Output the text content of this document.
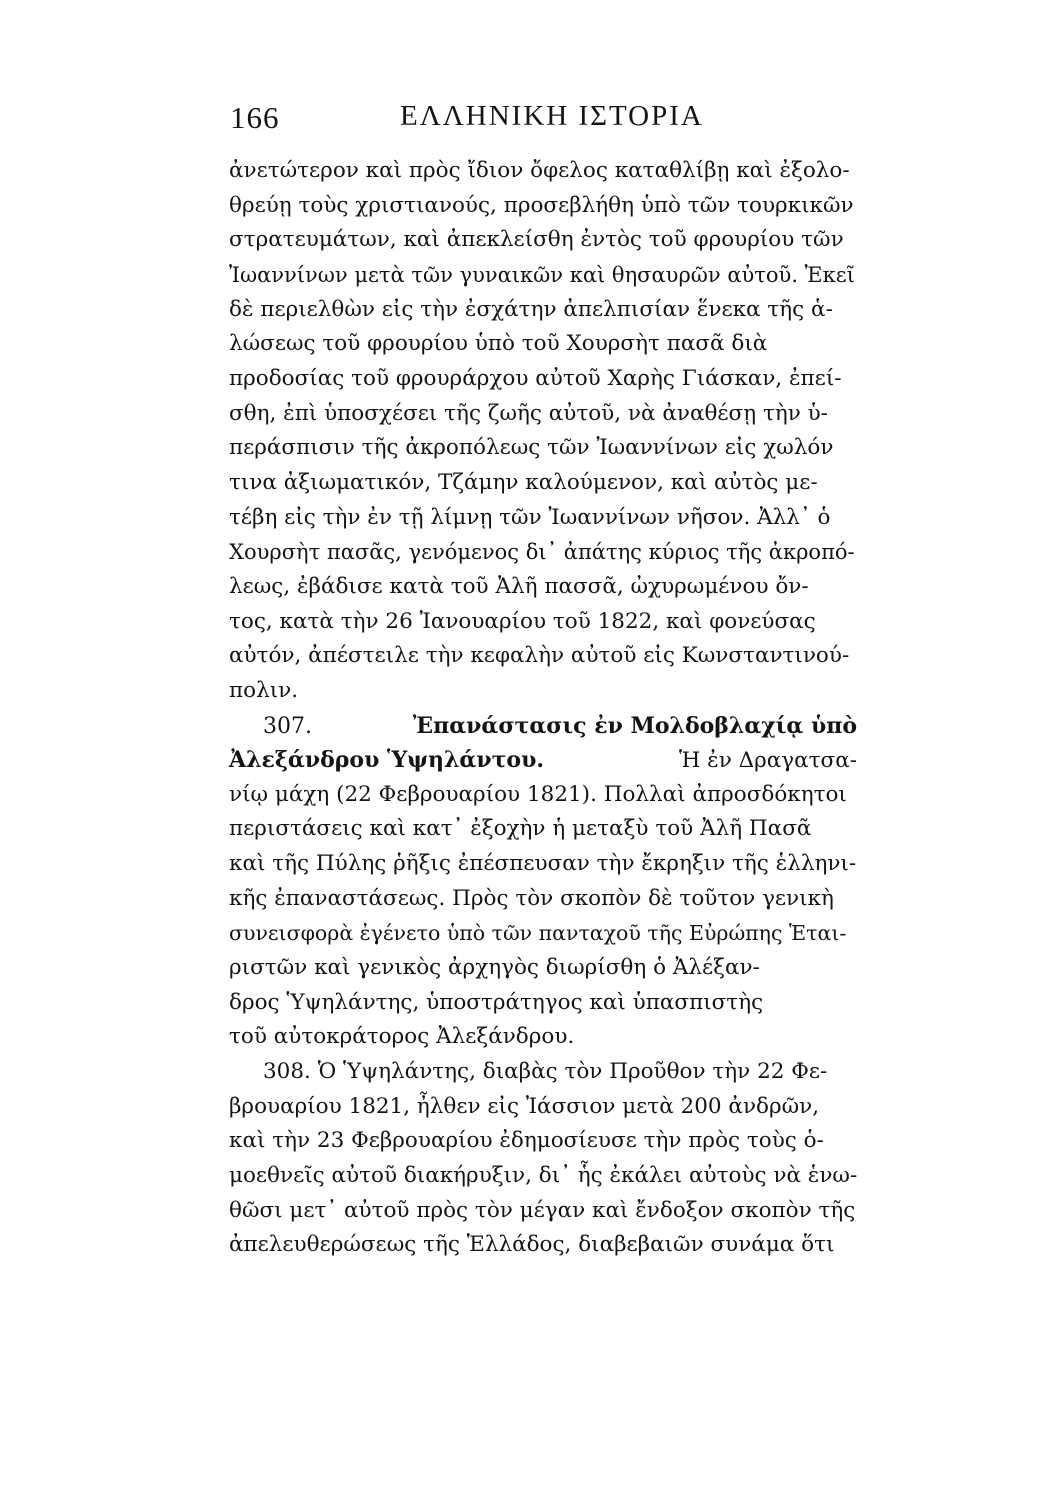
166	ΕΛΛΗΝΙΚΗ ΙΣΤΟΡΙΑ
ἀνετώτερον καὶ πρὸς ἴδιον ὄφελος καταθλίβῃ καὶ ἐξολο-
θρεύῃ τοὺς χριστιανούς, προσεβλήθη ὑπὸ τῶν τουρκικῶν
στρατευμάτων, καὶ ἀπεκλείσθη ἐντὸς τοῦ φρουρίου τῶν
Ἰωαννίνων μετὰ τῶν γυναικῶν καὶ θησαυρῶν αὐτοῦ. Ἐκεῖ
δὲ περιελθὼν εἰς τὴν ἐσχάτην ἀπελπισίαν ἕνεκα τῆς ἁ-
λώσεως τοῦ φρουρίου ὑπὸ τοῦ Χουρσὴτ πασᾶ διὰ
προδοσίας τοῦ φρουράρχου αὐτοῦ Χαρὴς Γιάσκαν, ἐπεί-
σθη, ἐπὶ ὑποσχέσει τῆς ζωῆς αὐτοῦ, νὰ ἀναθέσῃ τὴν ὑ-
περάσπισιν τῆς ἀκροπόλεως τῶν Ἰωαννίνων εἰς χωλόν
τινα ἀξιωματικόν, Τζάμην καλούμενον, καὶ αὐτὸς με-
τέβη εἰς τὴν ἐν τῇ λίμνῃ τῶν Ἰωαννίνων νῆσον. Ἀλλ᾽ ὁ
Χουρσὴτ πασᾶς, γενόμενος δι᾽ ἀπάτης κύριος τῆς ἀκροπό-
λεως, ἐβάδισε κατὰ τοῦ Ἀλῆ πασσᾶ, ὠχυρωμένου ὄν-
τος, κατὰ τὴν 26 Ἰανουαρίου τοῦ 1822, καὶ φονεύσας
αὐτόν, ἀπέστειλε τὴν κεφαλὴν αὐτοῦ εἰς Κωνσταντινού-
πολιν.
307.	Ἐπανάστασις ἐν Μολδοβλαχίᾳ ὑπὸ
Ἀλεξάνδρου Ὑψηλάντου.	Ἡ ἐν Δραγατσα-
νίῳ μάχη (22 Φεβρουαρίου 1821). Πολλαὶ ἀπροσδόκητοι
περιστάσεις καὶ κατ᾽ ἐξοχὴν ἡ μεταξὺ τοῦ Ἀλῆ Πασᾶ
καὶ τῆς Πύλης ῥῆξις ἐπέσπευσαν τὴν ἔκρηξιν τῆς ἑλληνι-
κῆς ἐπαναστάσεως. Πρὸς τὸν σκοπὸν δὲ τοῦτον γενικὴ
συνεισφορὰ ἐγένετο ὑπὸ τῶν πανταχοῦ τῆς Εὐρώπης Ἑται-
ριστῶν καὶ γενικὸς ἀρχηγὸς διωρίσθη ὁ Ἀλέξαν-
δρος Ὑψηλάντης, ὑποστράτηγος καὶ ὑπασπιστὴς
τοῦ αὐτοκράτορος Ἀλεξάνδρου.
308. Ὁ Ὑψηλάντης, διαβὰς τὸν Προῦθον τὴν 22 Φε-
βρουαρίου 1821, ἦλθεν εἰς Ἰάσσιον μετὰ 200 ἀνδρῶν,
καὶ τὴν 23 Φεβρουαρίου ἐδημοσίευσε τὴν πρὸς τοὺς ὁ-
μοεθνεῖς αὐτοῦ διακήρυξιν, δι᾽ ἧς ἐκάλει αὐτοὺς νὰ ἑνω-
θῶσι μετ᾽ αὐτοῦ πρὸς τὸν μέγαν καὶ ἔνδοξον σκοπὸν τῆς
ἀπελευθερώσεως τῆς Ἑλλάδος, διαβεβαιῶν συνάμα ὅτι
